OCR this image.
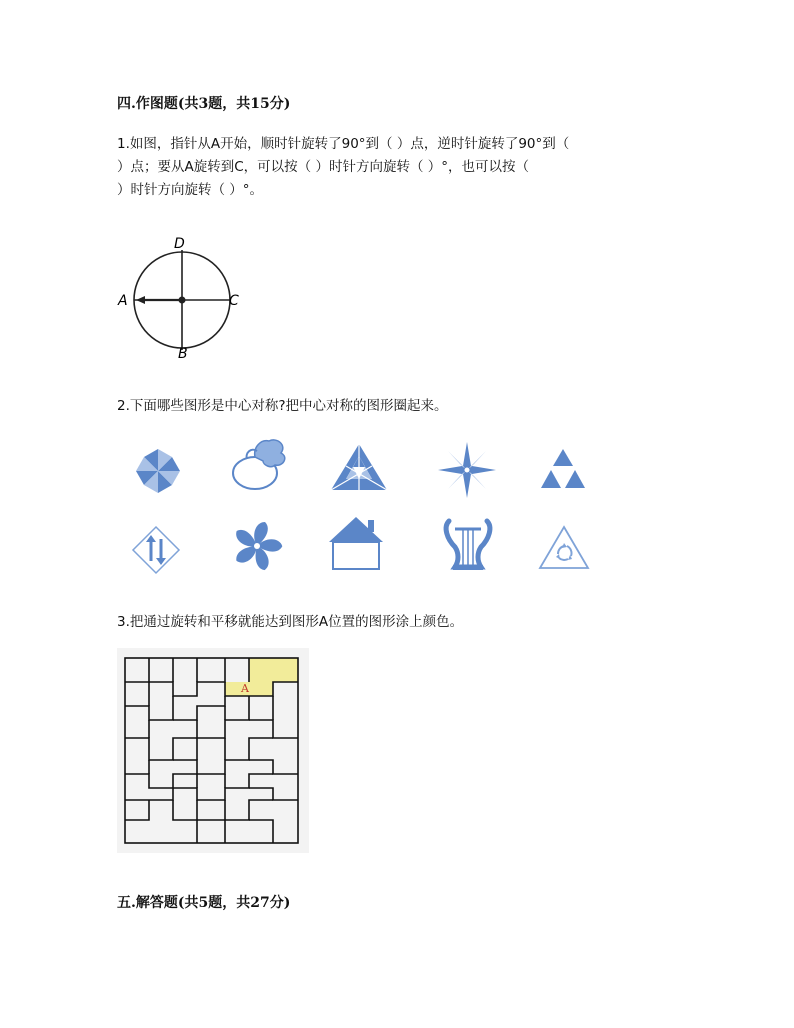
四.作图题(共3题，共15分)
1.如图，指针从A开始，顺时针旋转了90°到（ ）点，逆时针旋转了90°到（
）点；要从A旋转到C，可以按（ ）时针方向旋转（ ）°，也可以按（
）时针方向旋转（ ）°。
D
A	C
B
2.下面哪些图形是中心对称?把中心对称的图形圈起来。
3.把通过旋转和平移就能达到图形A位置的图形涂上颜色。
A
五.解答题(共5题，共27分)
